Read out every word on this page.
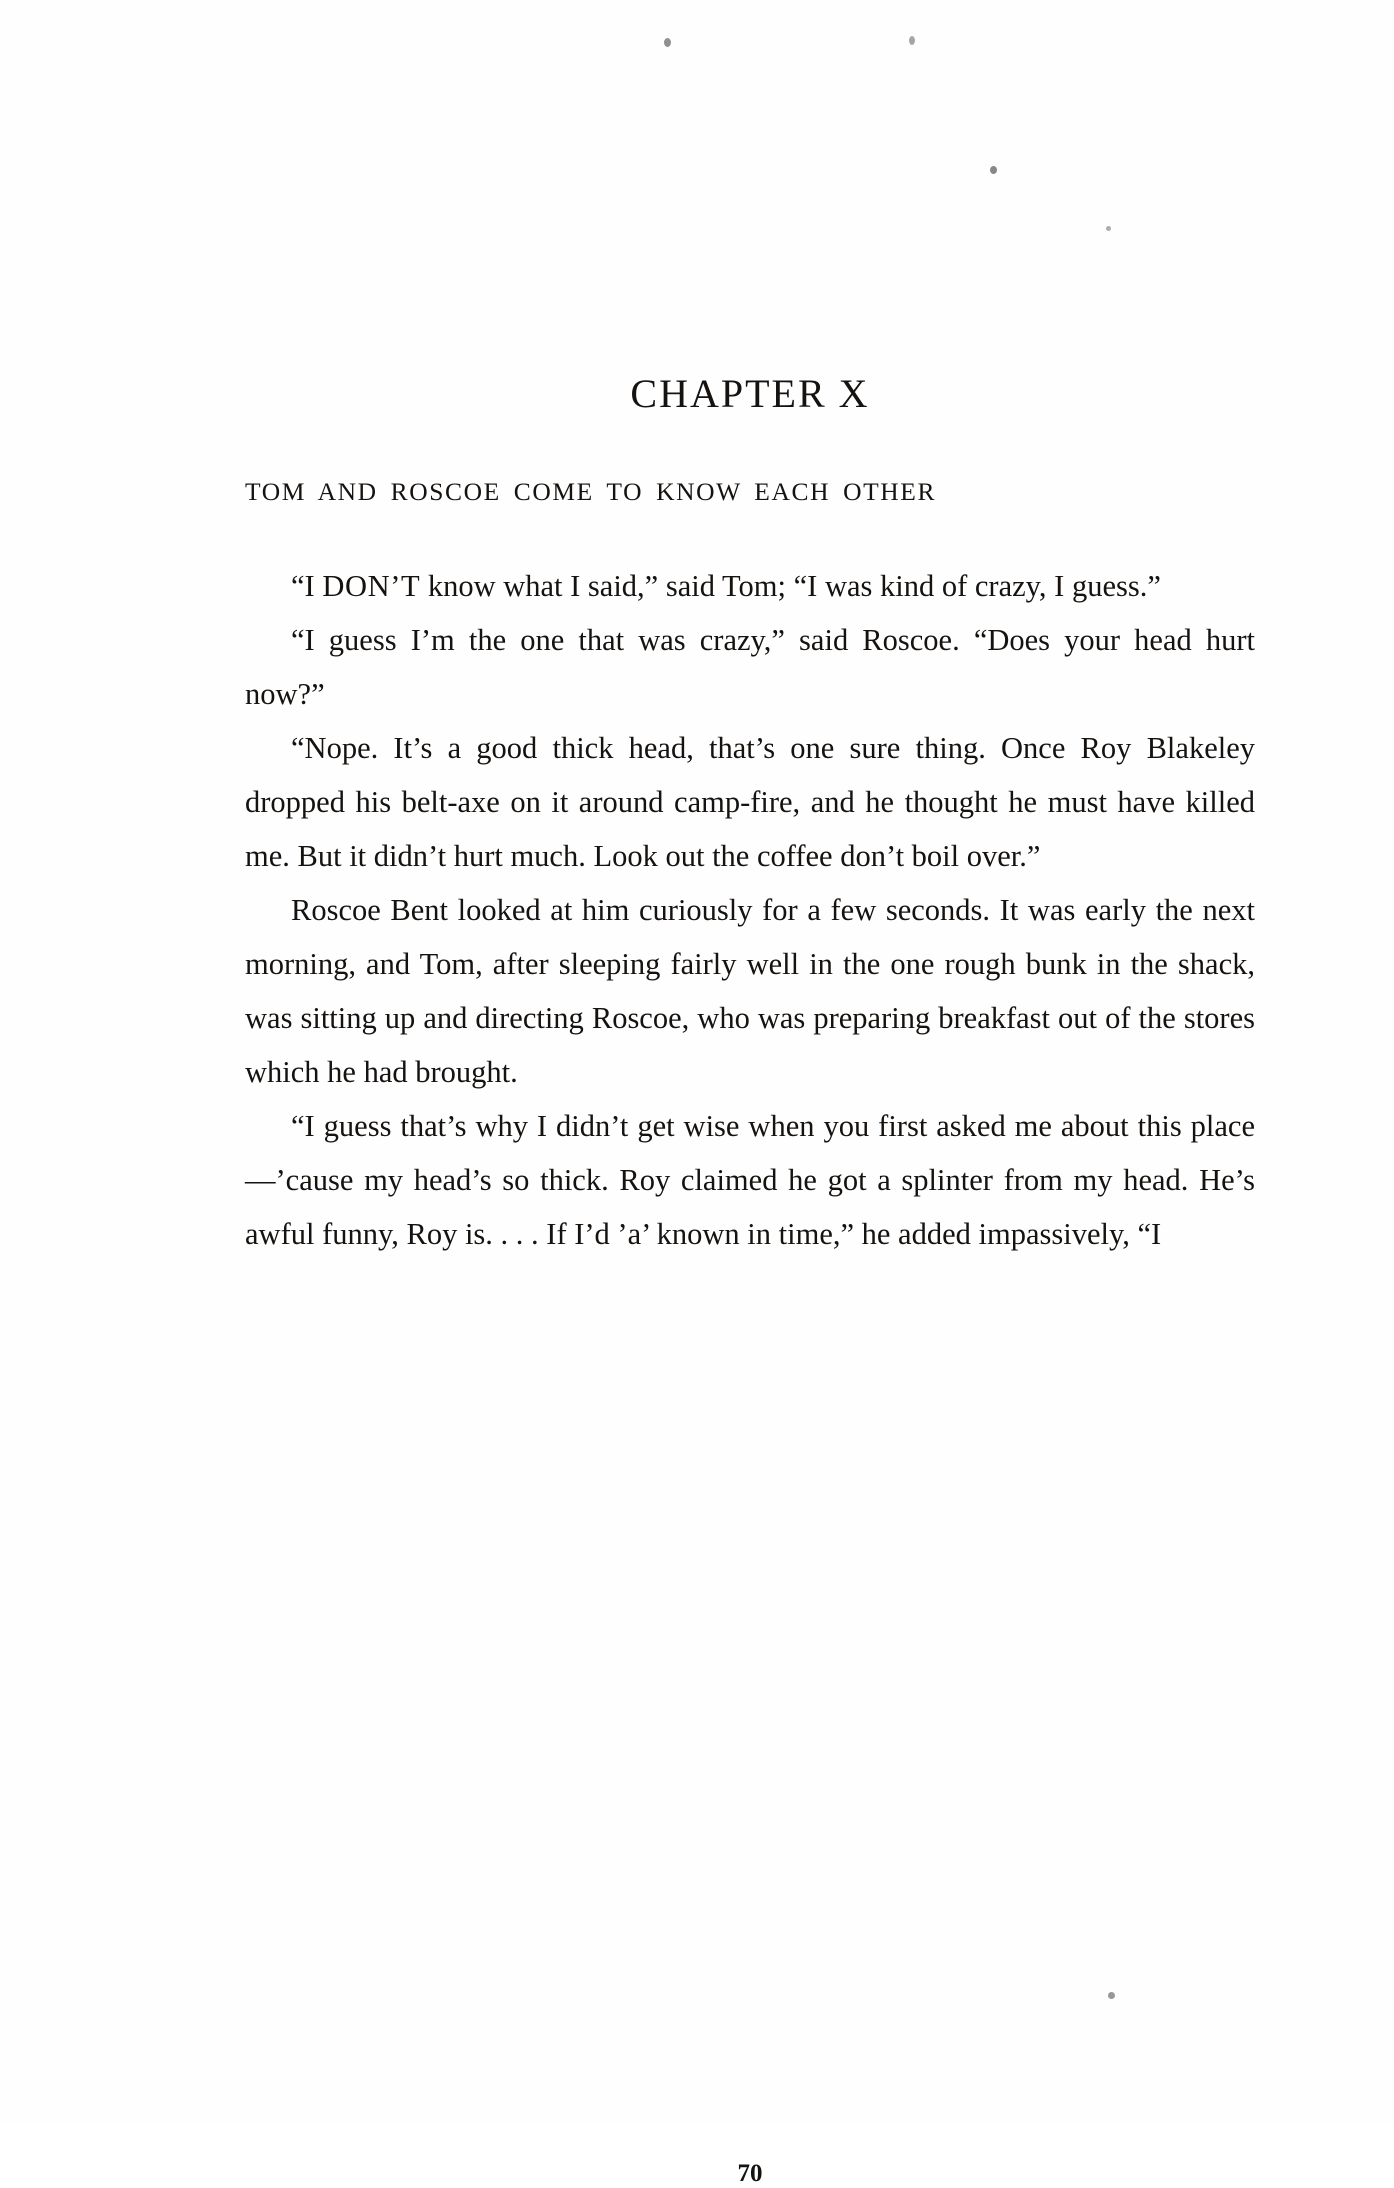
CHAPTER X
TOM AND ROSCOE COME TO KNOW EACH OTHER

“I DON’T know what I said,” said Tom; “I was kind of crazy, I guess.”

“I guess I’m the one that was crazy,” said Roscoe. “Does your head hurt now?”

“Nope. It’s a good thick head, that’s one sure thing. Once Roy Blakeley dropped his belt-axe on it around camp-fire, and he thought he must have killed me. But it didn’t hurt much. Look out the coffee don’t boil over.”

Roscoe Bent looked at him curiously for a few seconds. It was early the next morning, and Tom, after sleeping fairly well in the one rough bunk in the shack, was sitting up and directing Roscoe, who was preparing breakfast out of the stores which he had brought.

“I guess that’s why I didn’t get wise when you first asked me about this place—’cause my head’s so thick. Roy claimed he got a splinter from my head. He’s awful funny, Roy is. . . . If I’d ’a’ known in time,” he added impassively, “I

70
